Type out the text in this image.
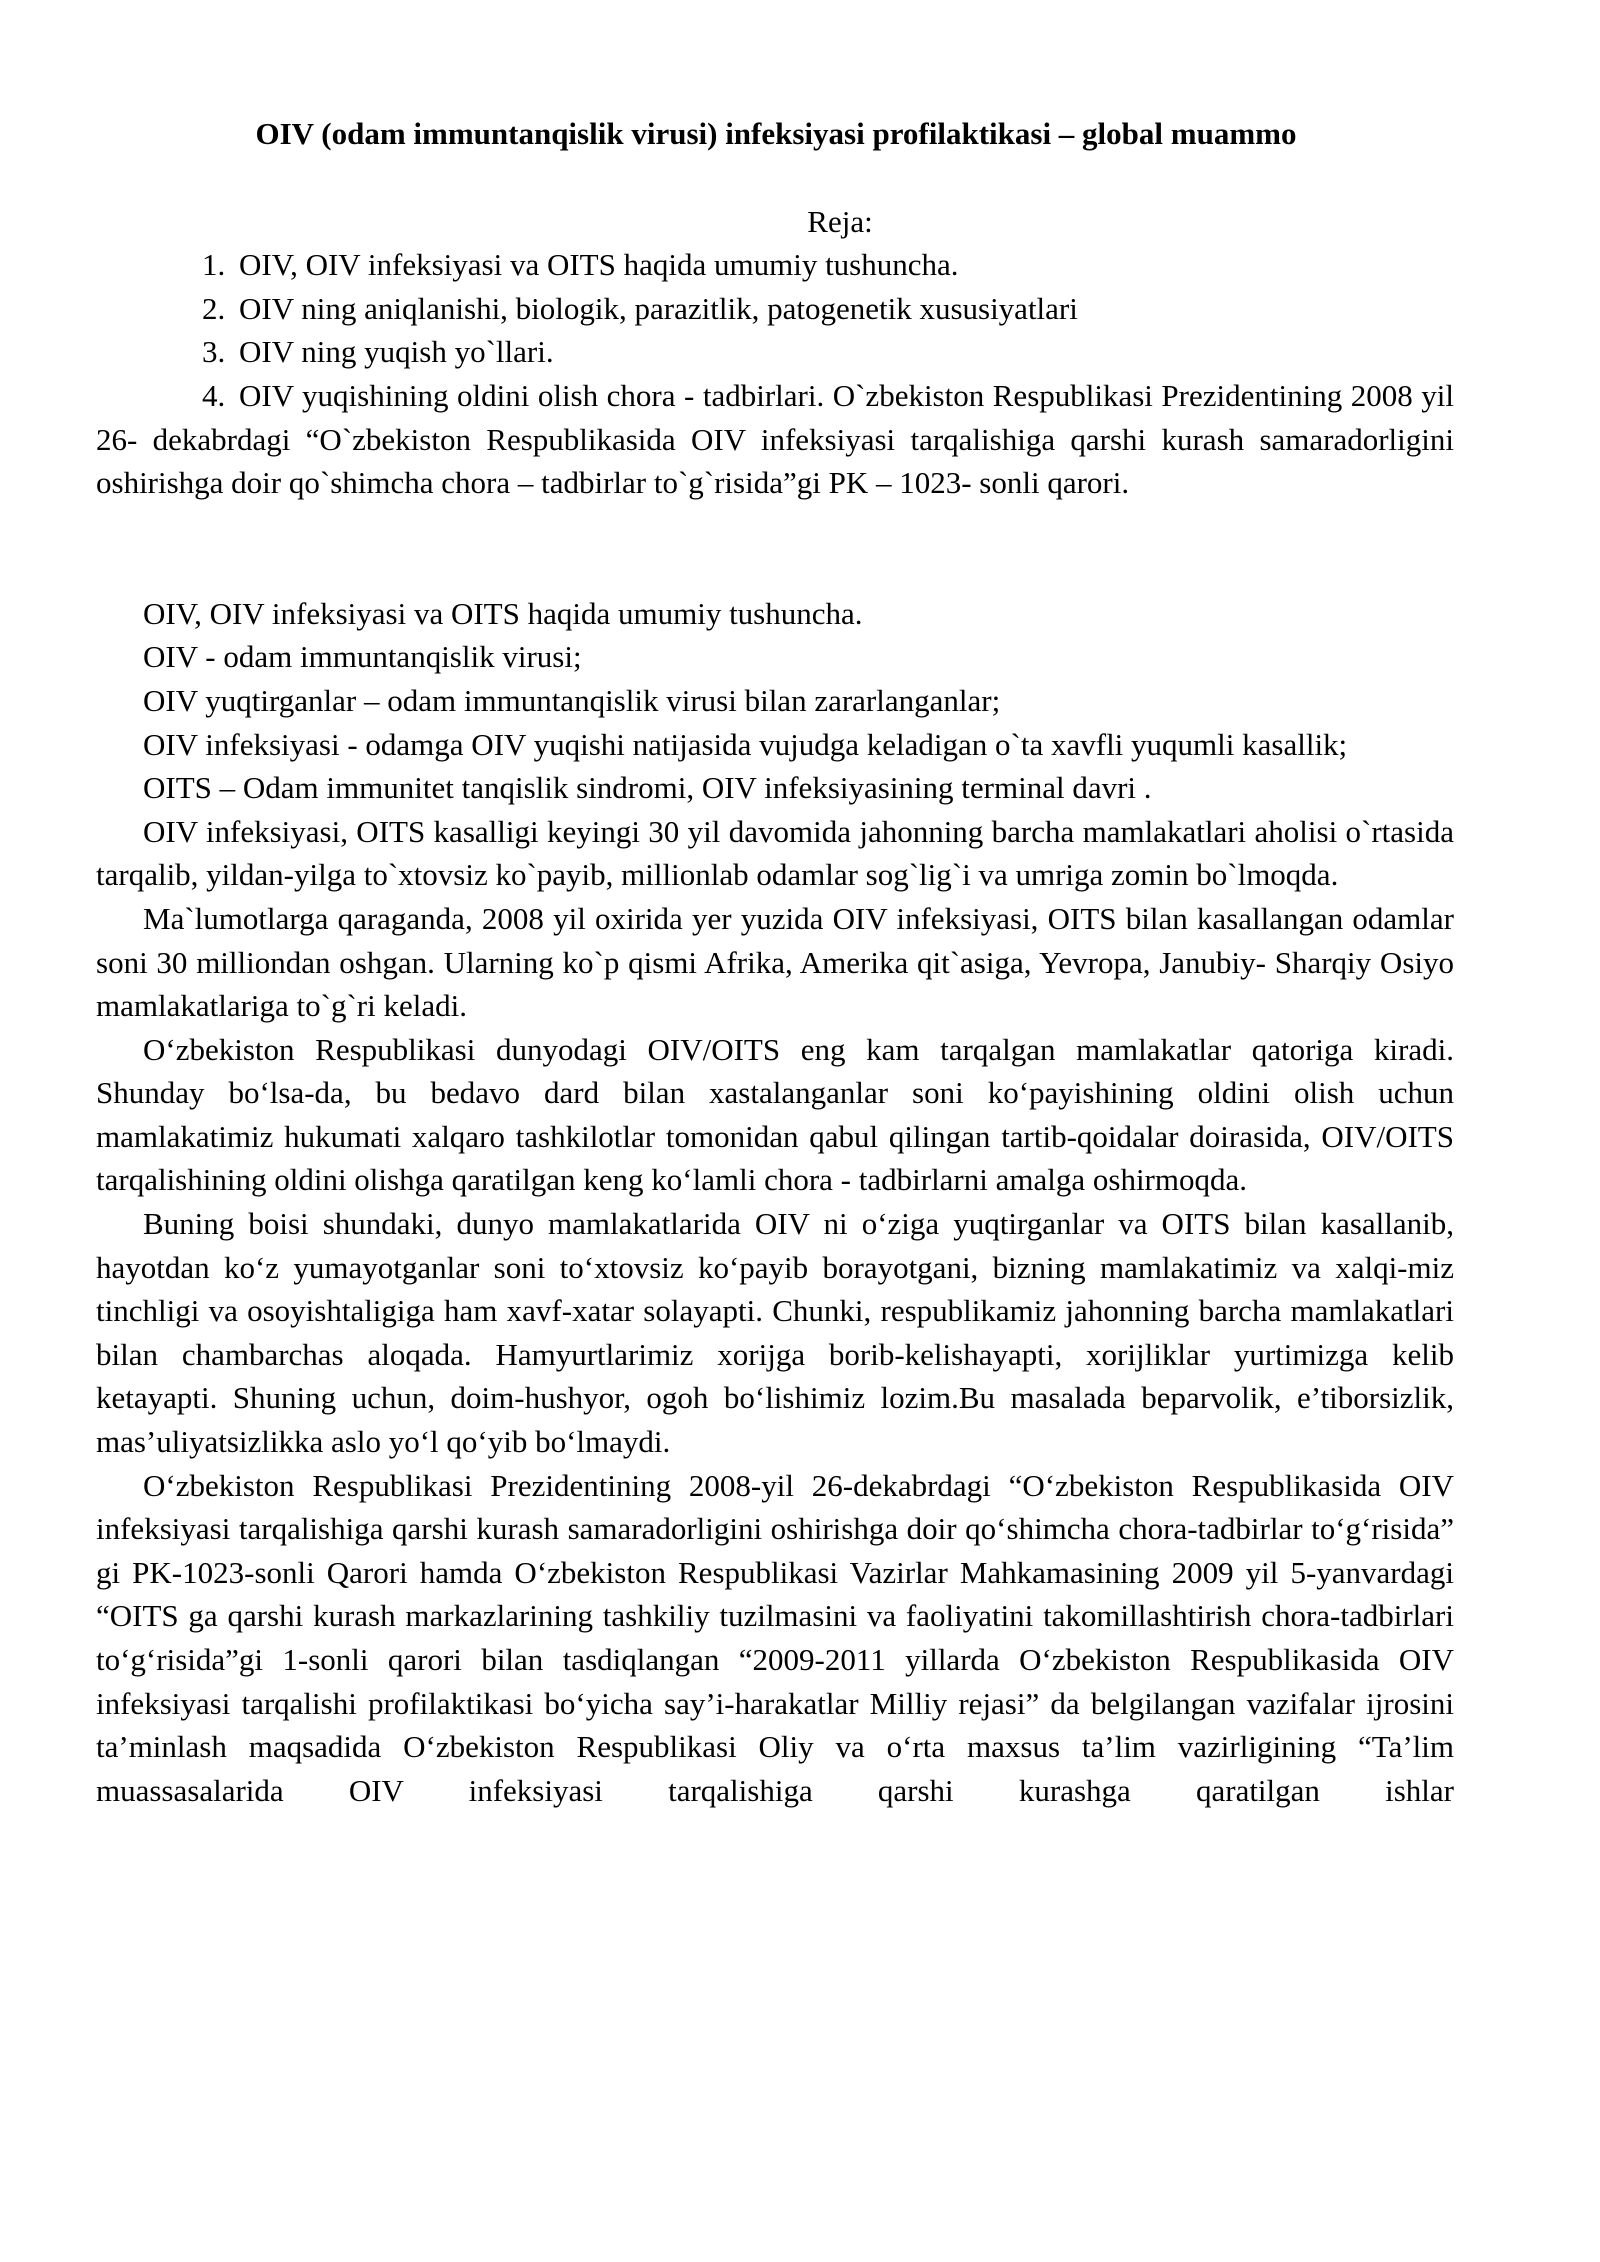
OIV (odam immuntanqislik virusi) infeksiyasi profilaktikasi – global muammo
Reja:

1. OIV, OIV infeksiyasi va OITS haqida umumiy tushuncha.

2. OIV ning aniqlanishi, biologik, parazitlik, patogenetik xususiyatlari

3. OIV ning yuqish yo`llari.

4. OIV yuqishining oldini olish chora - tadbirlari. O`zbekiston Respublikasi Prezidentining 2008 yil 26- dekabrdagi “O`zbekiston Respublikasida OIV infeksiyasi tarqalishiga qarshi kurash samaradorligini oshirishga doir qo`shimcha chora – tadbirlar to`g`risida”gi PK – 1023- sonli qarori.

OIV, OIV infeksiyasi va OITS haqida umumiy tushuncha.

OIV - odam immuntanqislik virusi;

OIV yuqtirganlar – odam immuntanqislik virusi bilan zararlanganlar;

OIV infeksiyasi - odamga OIV yuqishi natijasida vujudga keladigan o`ta xavfli yuqumli kasallik;

OITS – Odam immunitet tanqislik sindromi, OIV infeksiyasining terminal davri .

OIV infeksiyasi, OITS kasalligi keyingi 30 yil davomida jahonning barcha mamlakatlari aholisi o`rtasida tarqalib, yildan-yilga to`xtovsiz ko`payib, millionlab odamlar sog`lig`i va umriga zomin bo`lmoqda.

Ma`lumotlarga qaraganda, 2008 yil oxirida yer yuzida OIV infeksiyasi, OITS bilan kasallangan odamlar soni 30 milliondan oshgan. Ularning ko`p qismi Afrika, Amerika qit`asiga, Yevropa, Janubiy- Sharqiy Osiyo mamlakatlariga to`g`ri keladi.

O‘zbekiston Respublikasi dunyodagi OIV/OITS eng kam tarqalgan mamlakatlar qatoriga kiradi. Shunday bo‘lsa-da, bu bedavo dard bilan xastalanganlar soni ko‘payishining oldini olish uchun mamlakatimiz hukumati xalqaro tashkilotlar tomonidan qabul qilingan tartib-qoidalar doirasida, OIV/OITS tarqalishining oldini olishga qaratilgan keng ko‘lamli chora - tadbirlarni amalga oshirmoqda.

Buning boisi shundaki, dunyo mamlakatlarida OIV ni o‘ziga yuqtirganlar va OITS bilan kasallanib, hayotdan ko‘z yumayotganlar soni to‘xtovsiz ko‘payib borayotgani, bizning mamlakatimiz va xalqi-miz tinchligi va osoyishtaligiga ham xavf-xatar solayapti. Chunki, respublikamiz jahonning barcha mamlakatlari bilan chambarchas aloqada. Hamyurtlarimiz xorijga borib-kelishayapti, xorijliklar yurtimizga kelib ketayapti. Shuning uchun, doim-hushyor, ogoh bo‘lishimiz lozim.Bu masalada beparvolik, e’tiborsizlik, mas’uliyatsizlikka aslo yo‘l qo‘yib bo‘lmaydi.

O‘zbekiston Respublikasi Prezidentining 2008-yil 26-dekabrdagi “O‘zbekiston Respublikasida OIV infeksiyasi tarqalishiga qarshi kurash samaradorligini oshirishga doir qo‘shimcha chora-tadbirlar to‘g‘risida” gi PK-1023-sonli Qarori hamda O‘zbekiston Respublikasi Vazirlar Mahkamasining 2009 yil 5-yanvardagi “OITS ga qarshi kurash markazlarining tashkiliy tuzilmasini va faoliyatini takomillashtirish chora-tadbirlari to‘g‘risida”gi 1-sonli qarori bilan tasdiqlangan “2009-2011 yillarda O‘zbekiston Respublikasida OIV infeksiyasi tarqalishi profilaktikasi bo‘yicha say’i-harakatlar Milliy rejasi” da belgilangan vazifalar ijrosini ta’minlash maqsadida O‘zbekiston Respublikasi Oliy va o‘rta maxsus ta’lim vazirligining “Ta’lim muassasalarida OIV infeksiyasi tarqalishiga qarshi kurashga qaratilgan ishlar
